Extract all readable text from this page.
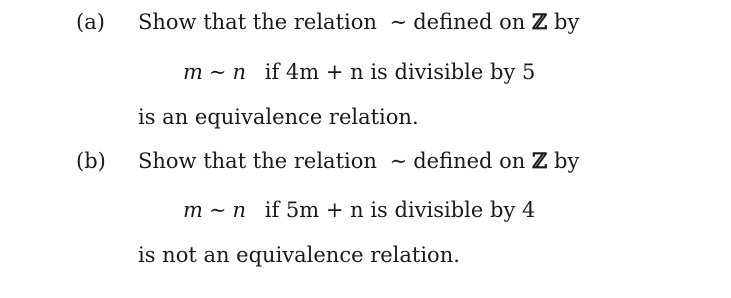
(a) Show that the relation ∼ defined on ℤ by
m ∼ n if 4m + n is divisible by 5
is an equivalence relation.
(b) Show that the relation ∼ defined on ℤ by
m ∼ n if 5m + n is divisible by 4
is not an equivalence relation.
